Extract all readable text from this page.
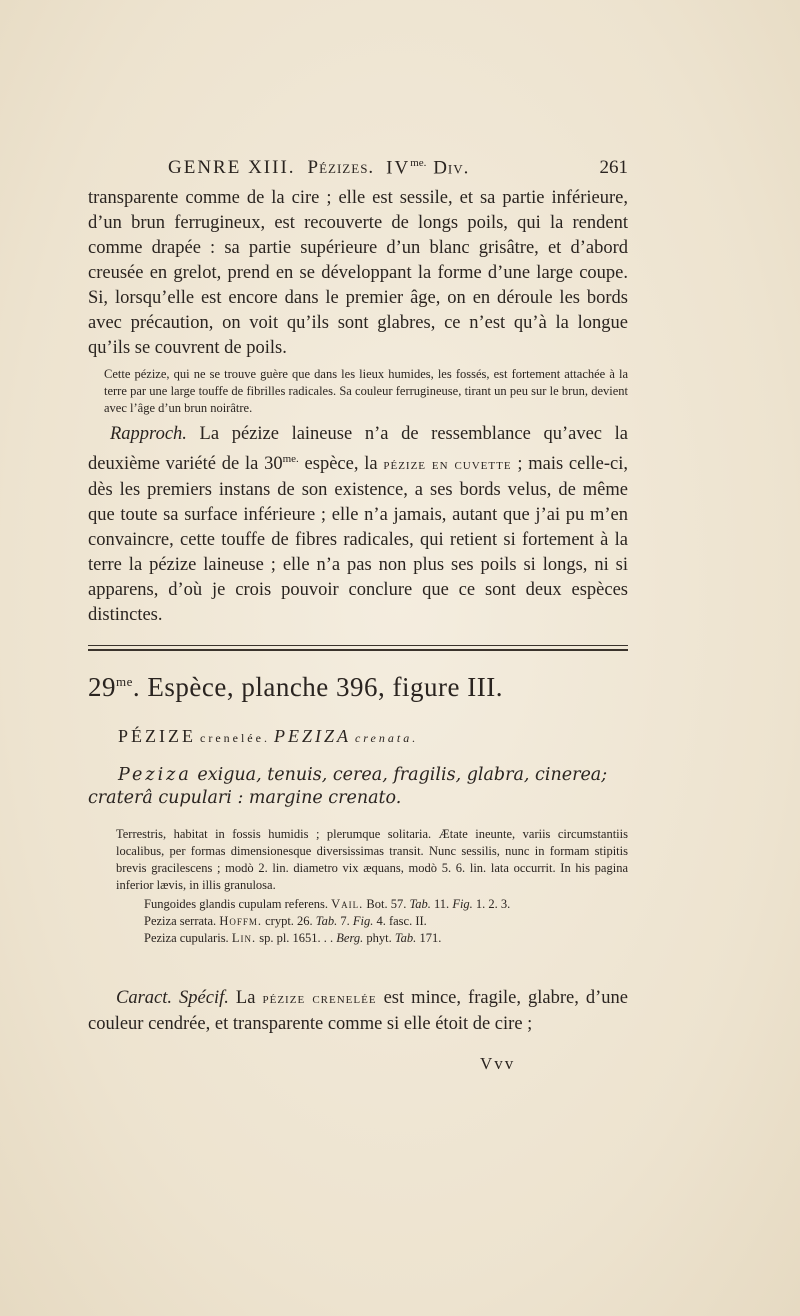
GENRE XIII. Pézizes. $IV^{me.}$ Div.	261

transparente comme de la cire ; elle est sessile, et sa partie inférieure, d’un brun ferrugineux, est recouverte de longs poils, qui la rendent comme drapée : sa partie supérieure d’un blanc grisâtre, et d’abord creusée en grelot, prend en se développant la forme d’une large coupe. Si, lorsqu’elle est encore dans le premier âge, on en déroule les bords avec précaution, on voit qu’ils sont glabres, ce n’est qu’à la longue qu’ils se couvrent de poils.

Cette pézize, qui ne se trouve guère que dans les lieux humides, les fossés, est fortement attachée à la terre par une large touffe de fibrilles radicales. Sa couleur ferrugineuse, tirant un peu sur le brun, devient avec l’âge d’un brun noirâtre.

Rapproch. La pézize laineuse n’a de ressemblance qu’avec la deuxième variété de la $30^{me.}$ espèce, la pézize en cuvette ; mais celle-ci, dès les premiers instans de son existence, a ses bords velus, de même que toute sa surface inférieure ; elle n’a jamais, autant que j’ai pu m’en convaincre, cette touffe de fibres radicales, qui retient si fortement à la terre la pézize laineuse ; elle n’a pas non plus ses poils si longs, ni si apparens, d’où je crois pouvoir conclure que ce sont deux espèces distinctes.

$29^{me}$. Espèce, planche 396, figure III.
PÉZIZE crenelée. PEZIZA crenata.

Peziza exigua, tenuis, cerea, fragilis, glabra, cinerea; craterâ cupulari : margine crenato.

Terrestris, habitat in fossis humidis ; plerumque solitaria. Ætate ineunte, variis circumstantiis localibus, per formas dimensionesque diversissimas transit. Nunc sessilis, nunc in formam stipitis brevis gracilescens ; modò 2. lin. diametro vix æquans, modò 5. 6. lin. lata occurrit. In his pagina inferior lævis, in illis granulosa.

Fungoides glandis cupulam referens. Vail. Bot. 57. Tab. 11. Fig. 1. 2. 3.
Peziza serrata. Hoffm. crypt. 26. Tab. 7. Fig. 4. fasc. II.
Peziza cupularis. Lin. sp. pl. 1651. . . Berg. phyt. Tab. 171.

Caract. Spécif. La pézize crenelée est mince, fragile, glabre, d’une couleur cendrée, et transparente comme si elle étoit de cire ;

Vvv
